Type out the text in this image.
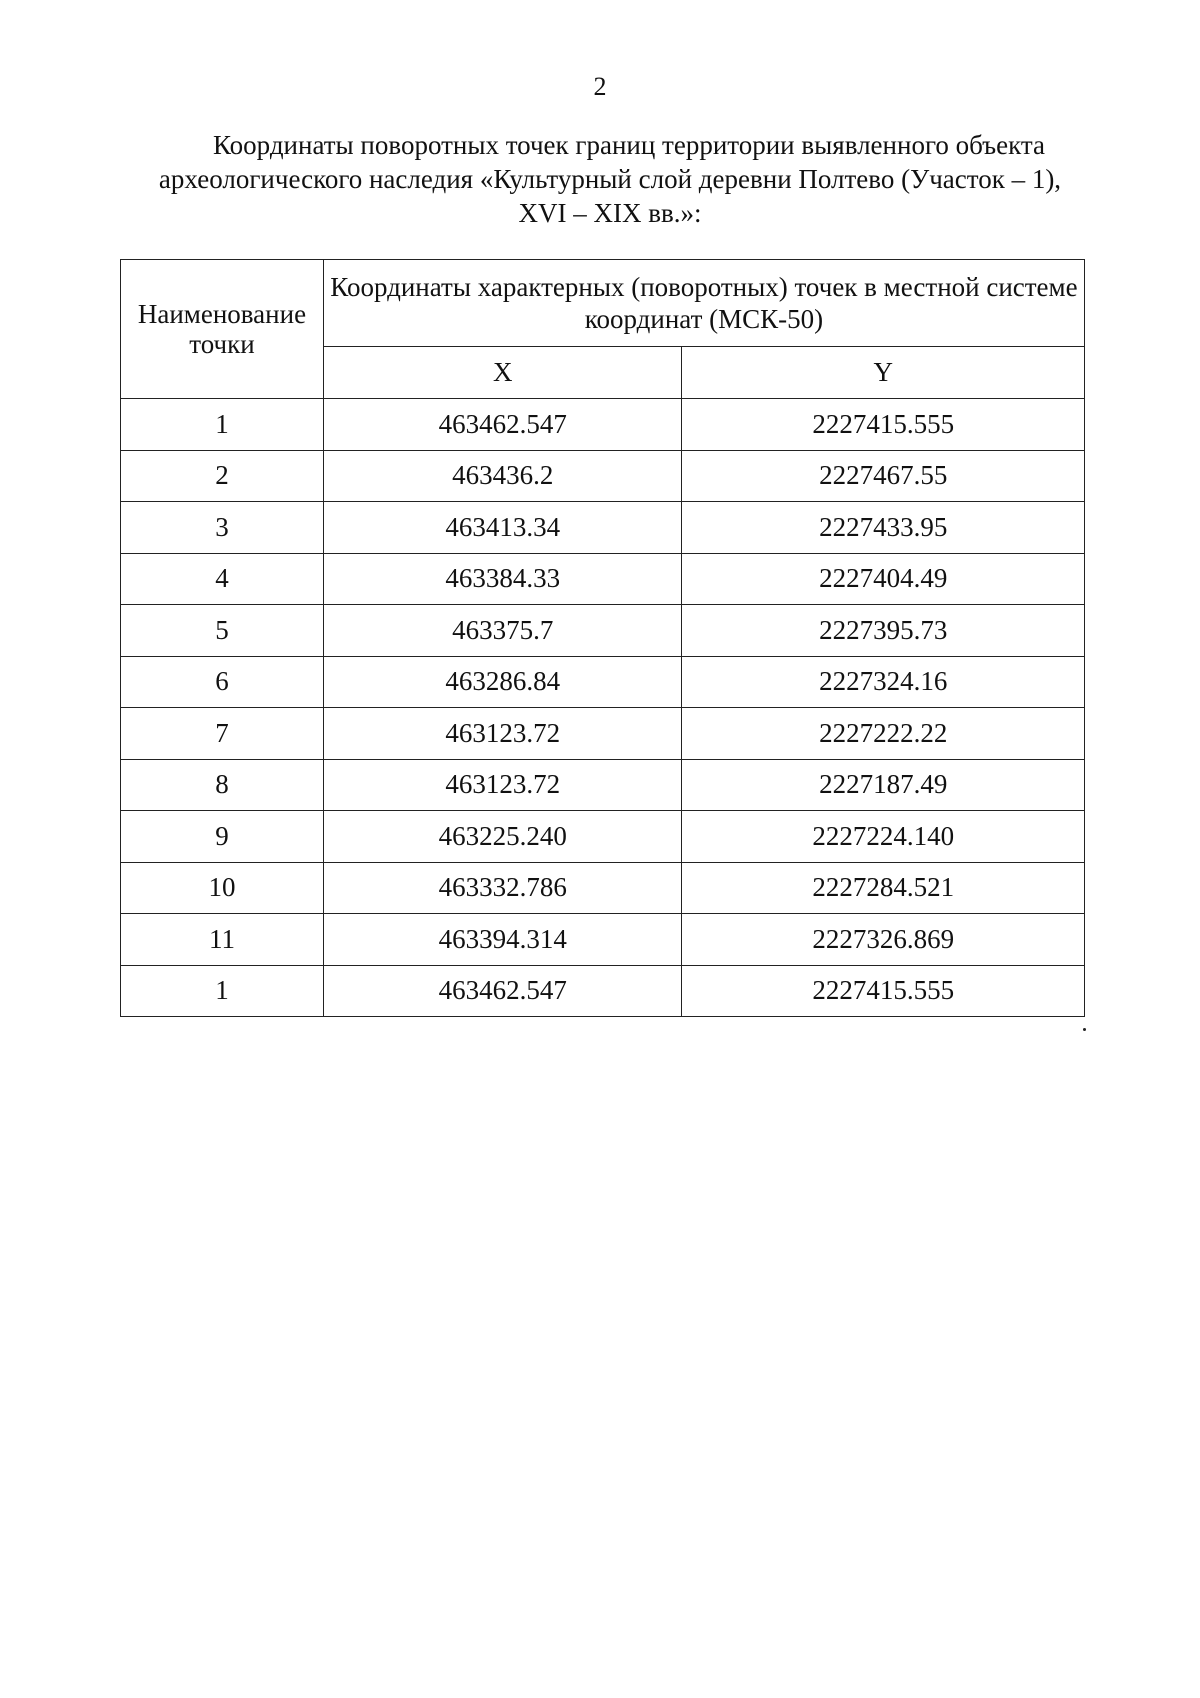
2
Координаты поворотных точек границ территории выявленного объекта
археологического наследия «Культурный слой деревни Полтево (Участок – 1),
XVI – XIX вв.»:
Наименование точки	Координаты характерных (поворотных) точек в местной системе координат (МСК-50)	
	X	Y
1	463462.547	2227415.555
2	463436.2	2227467.55
3	463413.34	2227433.95
4	463384.33	2227404.49
5	463375.7	2227395.73
6	463286.84	2227324.16
7	463123.72	2227222.22
8	463123.72	2227187.49
9	463225.240	2227224.140
10	463332.786	2227284.521
11	463394.314	2227326.869
1	463462.547	2227415.555
